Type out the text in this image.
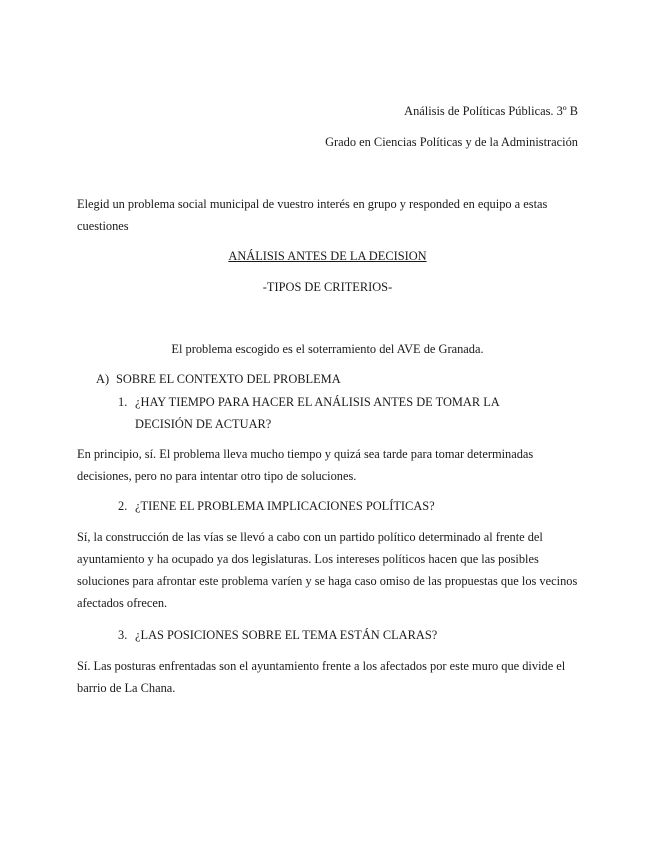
Análisis de Políticas Públicas. 3º B
Grado en Ciencias Políticas y de la Administración
Elegid un problema social municipal de vuestro interés en grupo y responded en equipo a estas cuestiones
ANÁLISIS ANTES DE LA DECISION
-TIPOS DE CRITERIOS-
El problema escogido es el soterramiento del AVE de Granada.
A) SOBRE EL CONTEXTO DEL PROBLEMA
1. ¿HAY TIEMPO PARA HACER EL ANÁLISIS ANTES DE TOMAR LA DECISIÓN DE ACTUAR?
En principio, sí. El problema lleva mucho tiempo y quizá sea tarde para tomar determinadas decisiones, pero no para intentar otro tipo de soluciones.
2. ¿TIENE EL PROBLEMA IMPLICACIONES POLÍTICAS?
Sí, la construcción de las vías se llevó a cabo con un partido político determinado al frente del ayuntamiento y ha ocupado ya dos legislaturas. Los intereses políticos hacen que las posibles soluciones para afrontar este problema varíen y se haga caso omiso de las propuestas que los vecinos afectados ofrecen.
3. ¿LAS POSICIONES SOBRE EL TEMA ESTÁN CLARAS?
Sí. Las posturas enfrentadas son el ayuntamiento frente a los afectados por este muro que divide el barrio de La Chana.
